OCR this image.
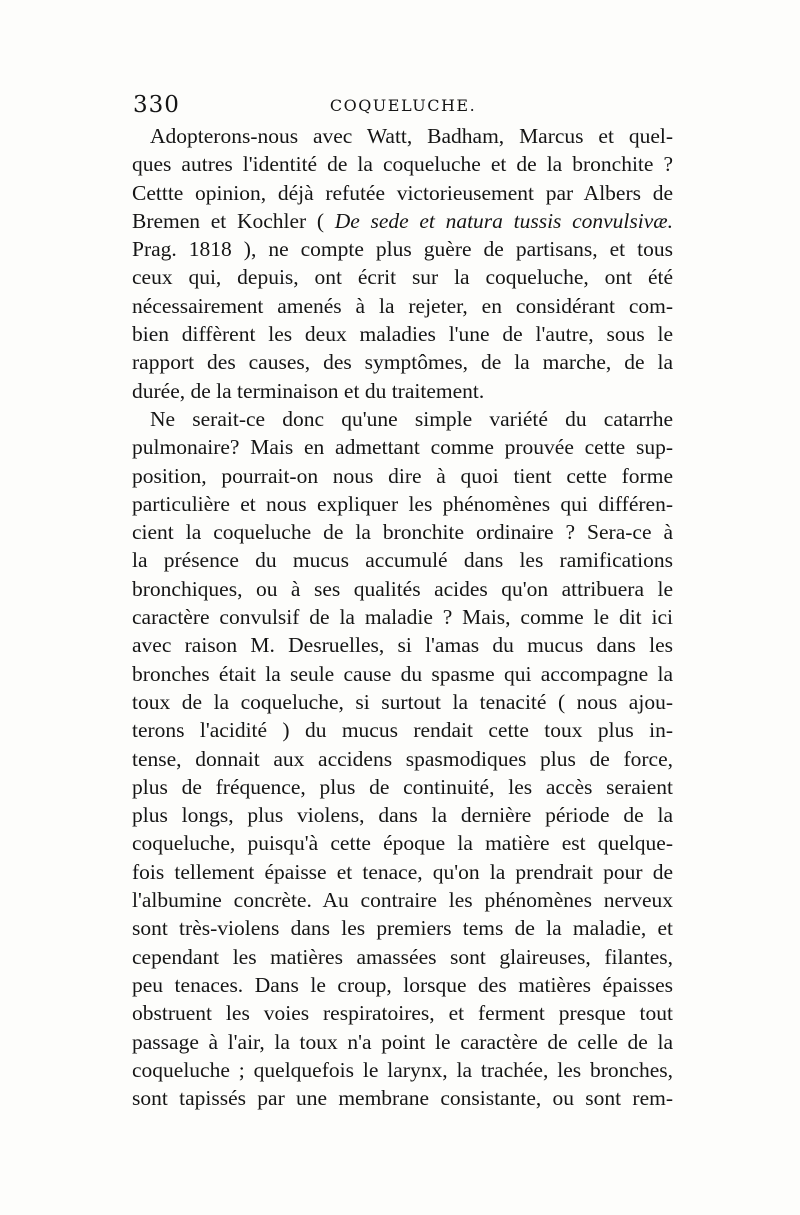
330	COQUELUCHE.
Adopterons-nous avec Watt, Badham, Marcus et quel-
ques autres l'identité de la coqueluche et de la bronchite ?
Cettte opinion, déjà refutée victorieusement par Albers de
Bremen et Kochler ( De sede et natura tussis convulsivæ.
Prag. 1818 ), ne compte plus guère de partisans, et tous
ceux qui, depuis, ont écrit sur la coqueluche, ont été
nécessairement amenés à la rejeter, en considérant com-
bien diffèrent les deux maladies l'une de l'autre, sous le
rapport des causes, des symptômes, de la marche, de la
durée, de la terminaison et du traitement.
Ne serait-ce donc qu'une simple variété du catarrhe
pulmonaire? Mais en admettant comme prouvée cette sup-
position, pourrait-on nous dire à quoi tient cette forme
particulière et nous expliquer les phénomènes qui différen-
cient la coqueluche de la bronchite ordinaire ? Sera-ce à
la présence du mucus accumulé dans les ramifications
bronchiques, ou à ses qualités acides qu'on attribuera le
caractère convulsif de la maladie ? Mais, comme le dit ici
avec raison M. Desruelles, si l'amas du mucus dans les
bronches était la seule cause du spasme qui accompagne la
toux de la coqueluche, si surtout la tenacité ( nous ajou-
terons l'acidité ) du mucus rendait cette toux plus in-
tense, donnait aux accidens spasmodiques plus de force,
plus de fréquence, plus de continuité, les accès seraient
plus longs, plus violens, dans la dernière période de la
coqueluche, puisqu'à cette époque la matière est quelque-
fois tellement épaisse et tenace, qu'on la prendrait pour de
l'albumine concrète. Au contraire les phénomènes nerveux
sont très-violens dans les premiers tems de la maladie, et
cependant les matières amassées sont glaireuses, filantes,
peu tenaces. Dans le croup, lorsque des matières épaisses
obstruent les voies respiratoires, et ferment presque tout
passage à l'air, la toux n'a point le caractère de celle de la
coqueluche ; quelquefois le larynx, la trachée, les bronches,
sont tapissés par une membrane consistante, ou sont rem-
